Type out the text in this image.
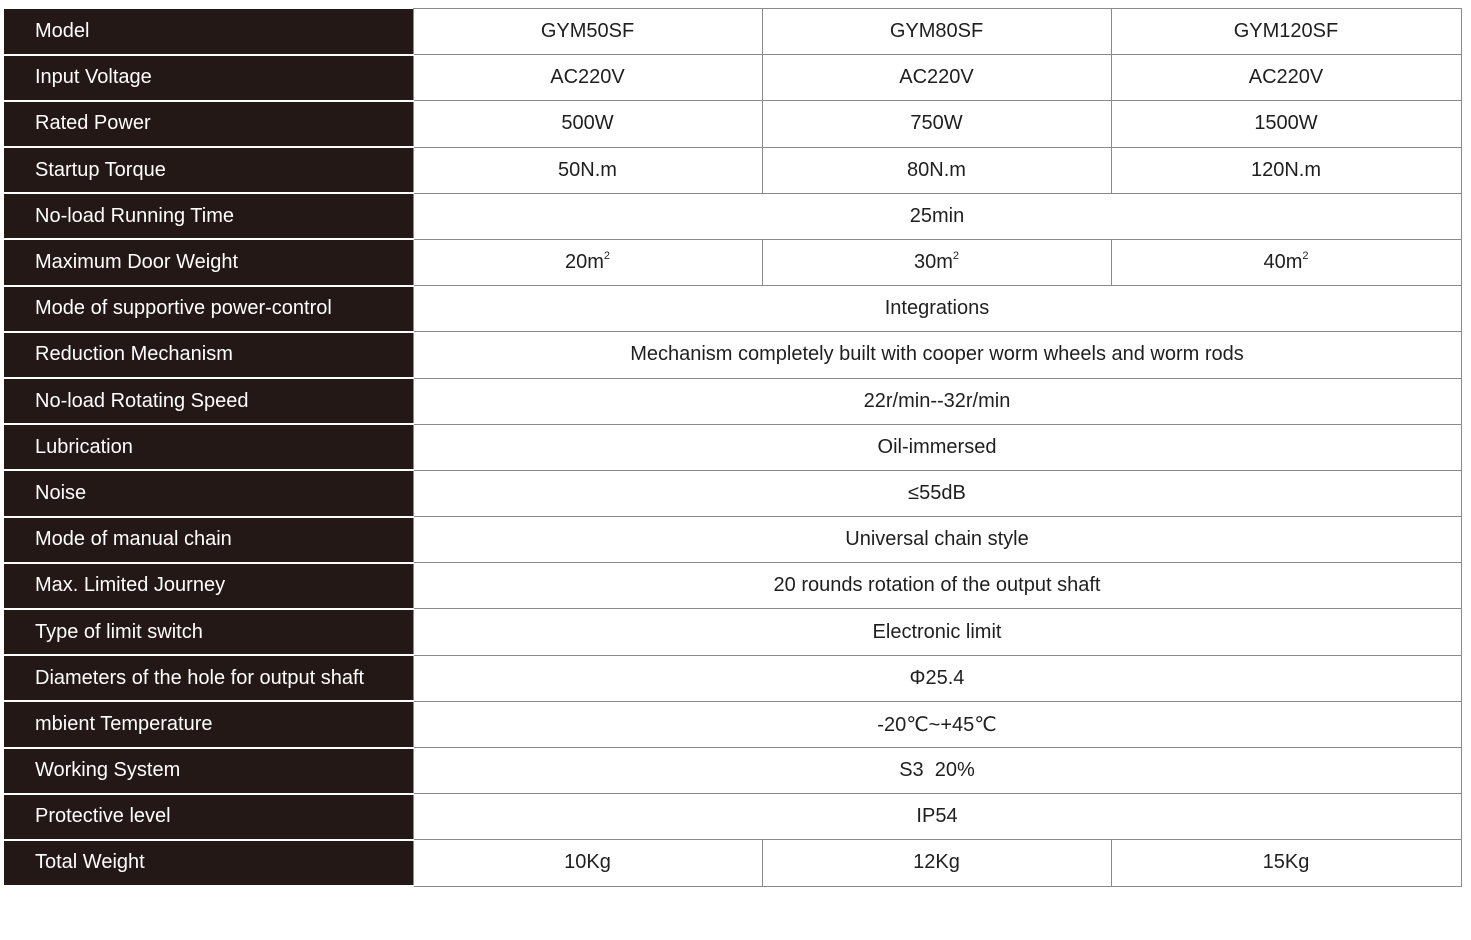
Model	GYM50SF	GYM80SF	GYM120SF
Input Voltage	AC220V	AC220V	AC220V
Rated Power	500W	750W	1500W
Startup Torque	50N.m	80N.m	120N.m
No-load Running Time	25min		
Maximum Door Weight	$20m^2$	$30m^2$	$40m^2$
Mode of supportive power-control	Integrations		
Reduction Mechanism	Mechanism completely built with cooper worm wheels and worm rods		
No-load Rotating Speed	22r/min--32r/min		
Lubrication	Oil-immersed		
Noise	≤55dB		
Mode of manual chain	Universal chain style		
Max. Limited Journey	20 rounds rotation of the output shaft		
Type of limit switch	Electronic limit		
Diameters of the hole for output shaft	Φ25.4		
mbient Temperature	-20℃~+45℃		
Working System	S3  20%		
Protective level	IP54		
Total Weight	10Kg	12Kg	15Kg
